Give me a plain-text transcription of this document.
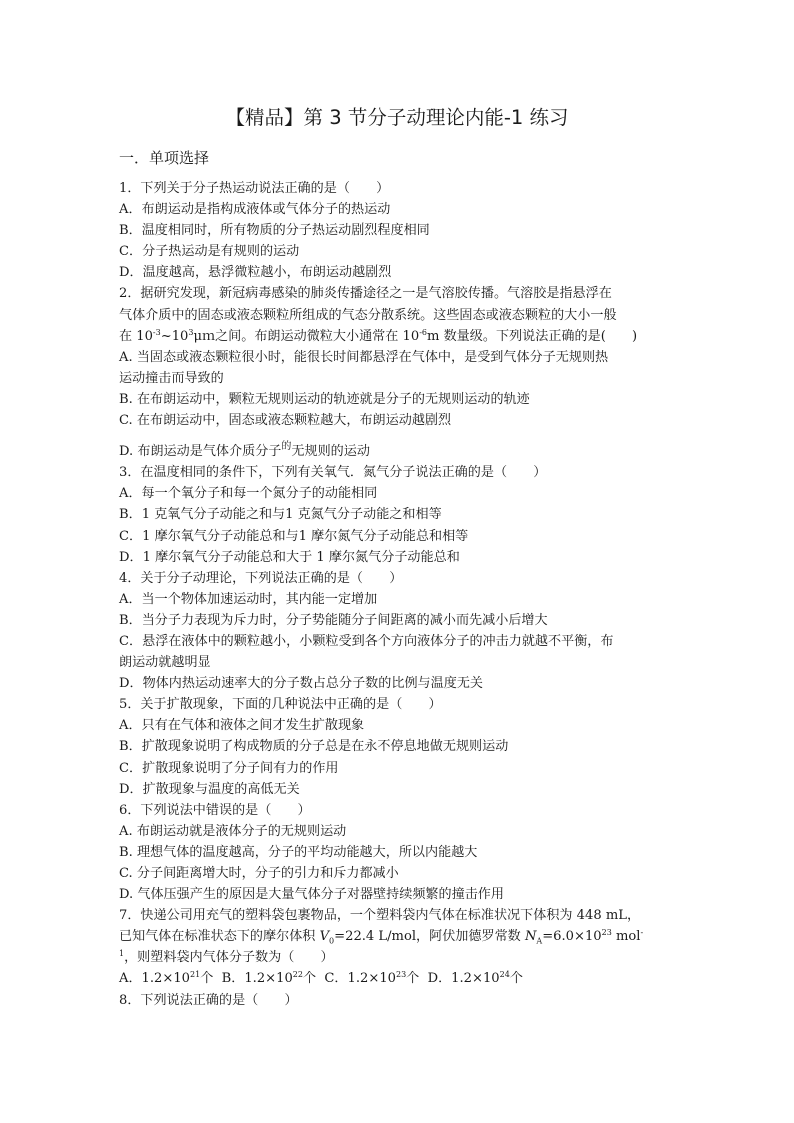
【精品】第 3 节分子动理论内能-1 练习
一．单项选择
1．下列关于分子热运动说法正确的是（　　）
A．布朗运动是指构成液体或气体分子的热运动
B．温度相同时，所有物质的分子热运动剧烈程度相同
C．分子热运动是有规则的运动
D．温度越高，悬浮微粒越小，布朗运动越剧烈
2．据研究发现，新冠病毒感染的肺炎传播途径之一是气溶胶传播。气溶胶是指悬浮在
气体介质中的固态或液态颗粒所组成的气态分散系统。这些固态或液态颗粒的大小一般
在 $10^{-3}\sim 10^3\mu m$之间。布朗运动微粒大小通常在 $10^{-6}m$ 数量级。下列说法正确的是(　　)
A. 当固态或液态颗粒很小时，能很长时间都悬浮在气体中，是受到气体分子无规则热
运动撞击而导致的
B. 在布朗运动中，颗粒无规则运动的轨迹就是分子的无规则运动的轨迹
C. 在布朗运动中，固态或液态颗粒越大，布朗运动越剧烈
D. 布朗运动是气体介质分子$^的$无规则的运动
3．在温度相同的条件下，下列有关氧气．氮气分子说法正确的是（　　）
A．每一个氧分子和每一个氮分子的动能相同
B．1 克氧气分子动能之和与1 克氮气分子动能之和相等
C．1 摩尔氧气分子动能总和与1 摩尔氮气分子动能总和相等
D．1 摩尔氧气分子动能总和大于 1 摩尔氮气分子动能总和
4．关于分子动理论，下列说法正确的是（　　）
A．当一个物体加速运动时，其内能一定增加
B．当分子力表现为斥力时，分子势能随分子间距离的减小而先减小后增大
C．悬浮在液体中的颗粒越小，小颗粒受到各个方向液体分子的冲击力就越不平衡，布
朗运动就越明显
D．物体内热运动速率大的分子数占总分子数的比例与温度无关
5．关于扩散现象，下面的几种说法中正确的是（　　）
A．只有在气体和液体之间才发生扩散现象
B．扩散现象说明了构成物质的分子总是在永不停息地做无规则运动
C．扩散现象说明了分子间有力的作用
D．扩散现象与温度的高低无关
6．下列说法中错误的是（　　）
A. 布朗运动就是液体分子的无规则运动
B. 理想气体的温度越高，分子的平均动能越大，所以内能越大
C. 分子间距离增大时，分子的引力和斥力都减小
D. 气体压强产生的原因是大量气体分子对器壁持续频繁的撞击作用
7．快递公司用充气的塑料袋包裹物品，一个塑料袋内气体在标准状况下体积为 448 mL，
已知气体在标准状态下的摩尔体积 $V_0=22.4$ L/mol，阿伏加德罗常数 $N_A=6.0\times 10^{23}$ mol-
$^1$，则塑料袋内气体分子数为（　　）
A．$1.2\times 10^{21}$个 B．$1.2\times 10^{22}$个 C．$1.2\times 10^{23}$个 D．$1.2\times 10^{24}$个
8．下列说法正确的是（　　）
